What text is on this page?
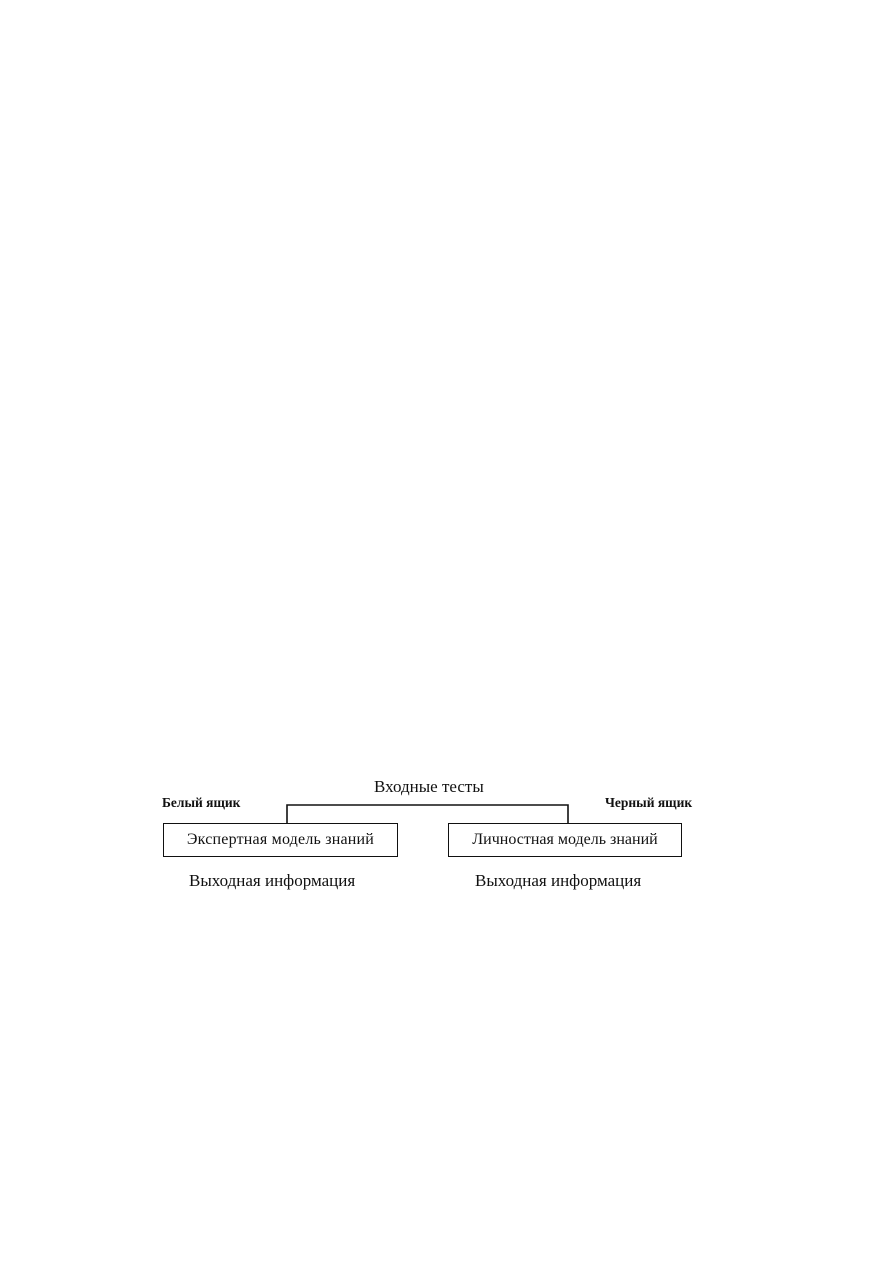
Входные тесты
Белый ящик	Черный ящик
Экспертная модель знаний	Личностная модель знаний
Выходная информация	Выходная информация
